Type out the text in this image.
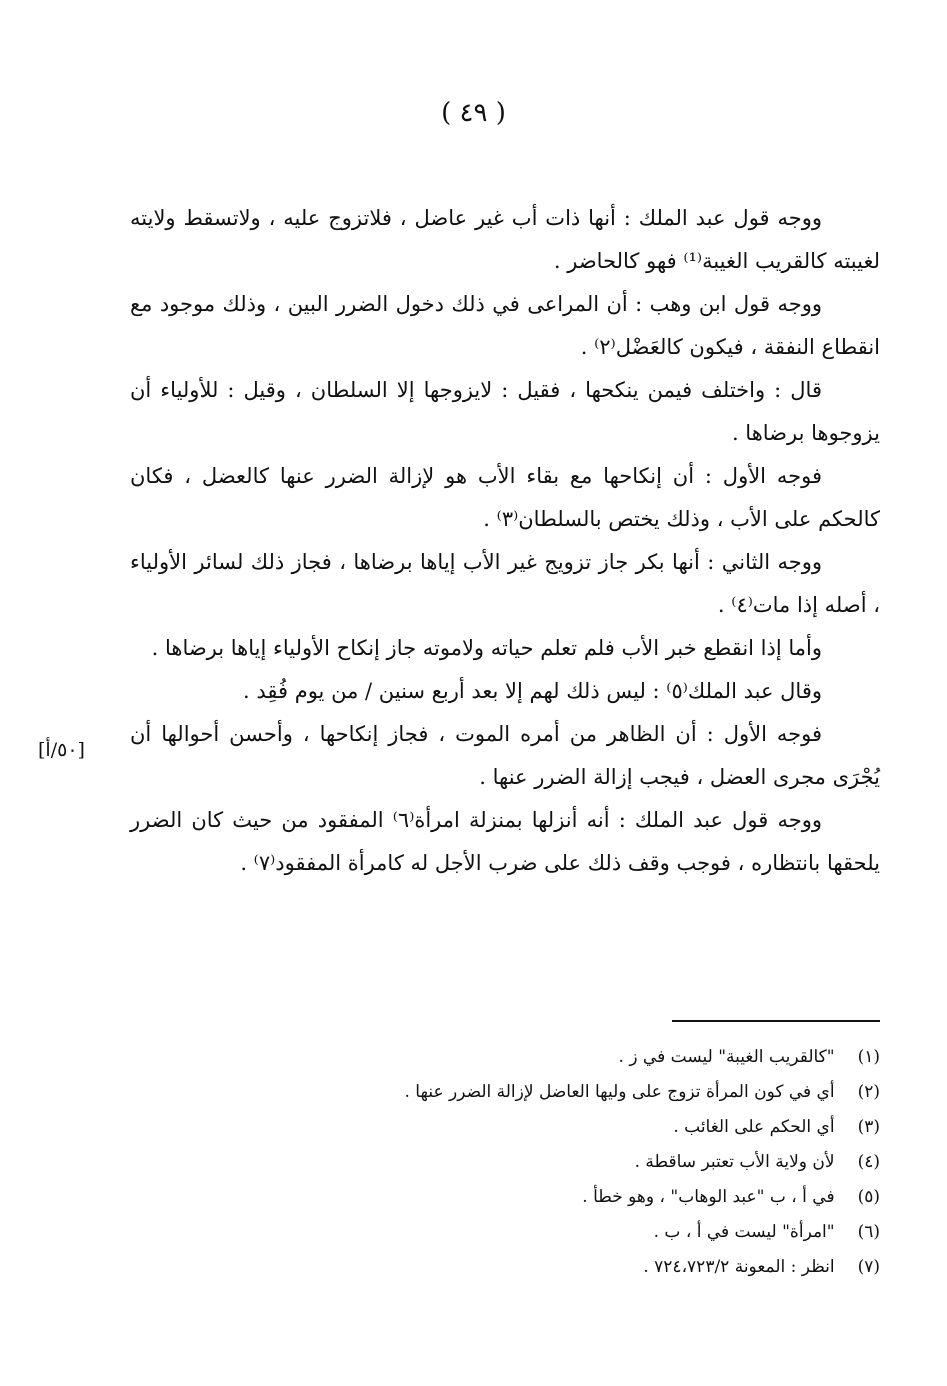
( ٤٩ )

ووجه قول عبد الملك : أنها ذات أب غير عاضل ، فلاتزوج عليه ، ولاتسقط ولايته لغيبته كالقريب الغيبة⁽¹⁾ فهو كالحاضر .

ووجه قول ابن وهب : أن المراعى في ذلك دخول الضرر البين ، وذلك موجود مع انقطاع النفقة ، فيكون كالعَضْل⁽٢⁾ .

قال : واختلف فيمن ينكحها ، فقيل : لايزوجها إلا السلطان ، وقيل : للأولياء أن يزوجوها برضاها .

فوجه الأول : أن إنكاحها مع بقاء الأب هو لإزالة الضرر عنها كالعضل ، فكان كالحكم على الأب ، وذلك يختص بالسلطان⁽٣⁾ .

ووجه الثاني : أنها بكر جاز تزويج غير الأب إياها برضاها ، فجاز ذلك لسائر الأولياء ، أصله إذا مات⁽٤⁾ .

وأما إذا انقطع خبر الأب فلم تعلم حياته ولاموته جاز إنكاح الأولياء إياها برضاها .

وقال عبد الملك⁽٥⁾ : ليس ذلك لهم إلا بعد أربع سنين / من يوم فُقِد .

فوجه الأول : أن الظاهر من أمره الموت ، فجاز إنكاحها ، وأحسن أحوالها أن يُجْرَى مجرى العضل ، فيجب إزالة الضرر عنها .

ووجه قول عبد الملك : أنه أنزلها بمنزلة امرأة⁽٦⁾ المفقود من حيث كان الضرر يلحقها بانتظاره ، فوجب وقف ذلك على ضرب الأجل له كامرأة المفقود⁽٧⁾ .

[٥٠/أ]
(١) "كالقريب الغيبة" ليست في ز .
(٢) أي في كون المرأة تزوج على وليها العاضل لإزالة الضرر عنها .
(٣) أي الحكم على الغائب .
(٤) لأن ولاية الأب تعتبر ساقطة .
(٥) في أ ، ب "عبد الوهاب" ، وهو خطأ .
(٦) "امرأة" ليست في أ ، ب .
(٧) انظر : المعونة ٧٢٤،٧٢٣/٢ .
